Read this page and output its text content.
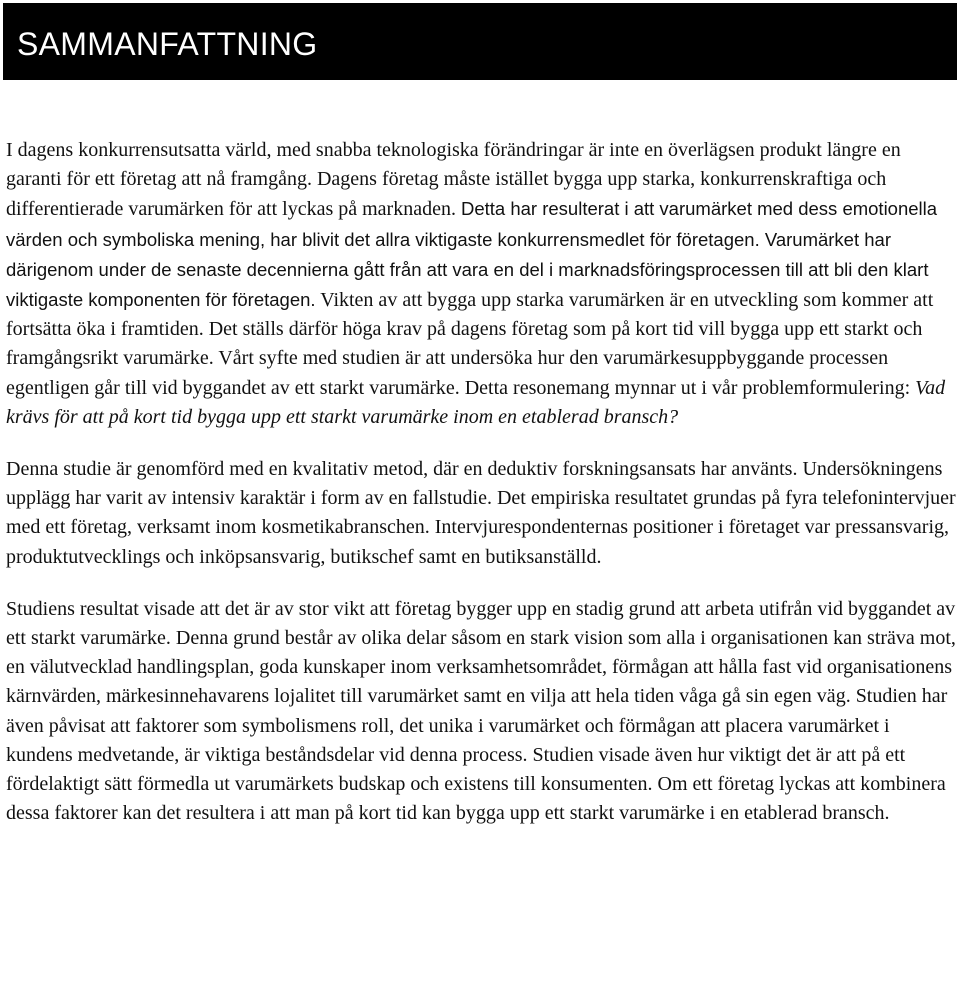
SAMMANFATTNING

I dagens konkurrensutsatta värld, med snabba teknologiska förändringar är inte en överlägsen produkt längre en garanti för ett företag att nå framgång. Dagens företag måste istället bygga upp starka, konkurrenskraftiga och differentierade varumärken för att lyckas på marknaden. Detta har resulterat i att varumärket med dess emotionella värden och symboliska mening, har blivit det allra viktigaste konkurrensmedlet för företagen. Varumärket har därigenom under de senaste decennierna gått från att vara en del i marknadsföringsprocessen till att bli den klart viktigaste komponenten för företagen. Vikten av att bygga upp starka varumärken är en utveckling som kommer att fortsätta öka i framtiden. Det ställs därför höga krav på dagens företag som på kort tid vill bygga upp ett starkt och framgångsrikt varumärke. Vårt syfte med studien är att undersöka hur den varumärkesuppbyggande processen egentligen går till vid byggandet av ett starkt varumärke. Detta resonemang mynnar ut i vår problemformulering: Vad krävs för att på kort tid bygga upp ett starkt varumärke inom en etablerad bransch?

Denna studie är genomförd med en kvalitativ metod, där en deduktiv forskningsansats har använts. Undersökningens upplägg har varit av intensiv karaktär i form av en fallstudie. Det empiriska resultatet grundas på fyra telefonintervjuer med ett företag, verksamt inom kosmetikabranschen. Intervjurespondenternas positioner i företaget var pressansvarig, produktutvecklings och inköpsansvarig, butikschef samt en butiksanställd.

Studiens resultat visade att det är av stor vikt att företag bygger upp en stadig grund att arbeta utifrån vid byggandet av ett starkt varumärke. Denna grund består av olika delar såsom en stark vision som alla i organisationen kan sträva mot, en välutvecklad handlingsplan, goda kunskaper inom verksamhetsområdet, förmågan att hålla fast vid organisationens kärnvärden, märkesinnehavarens lojalitet till varumärket samt en vilja att hela tiden våga gå sin egen väg. Studien har även påvisat att faktorer som symbolismens roll, det unika i varumärket och förmågan att placera varumärket i kundens medvetande, är viktiga beståndsdelar vid denna process. Studien visade även hur viktigt det är att på ett fördelaktigt sätt förmedla ut varumärkets budskap och existens till konsumenten. Om ett företag lyckas att kombinera dessa faktorer kan det resultera i att man på kort tid kan bygga upp ett starkt varumärke i en etablerad bransch.
